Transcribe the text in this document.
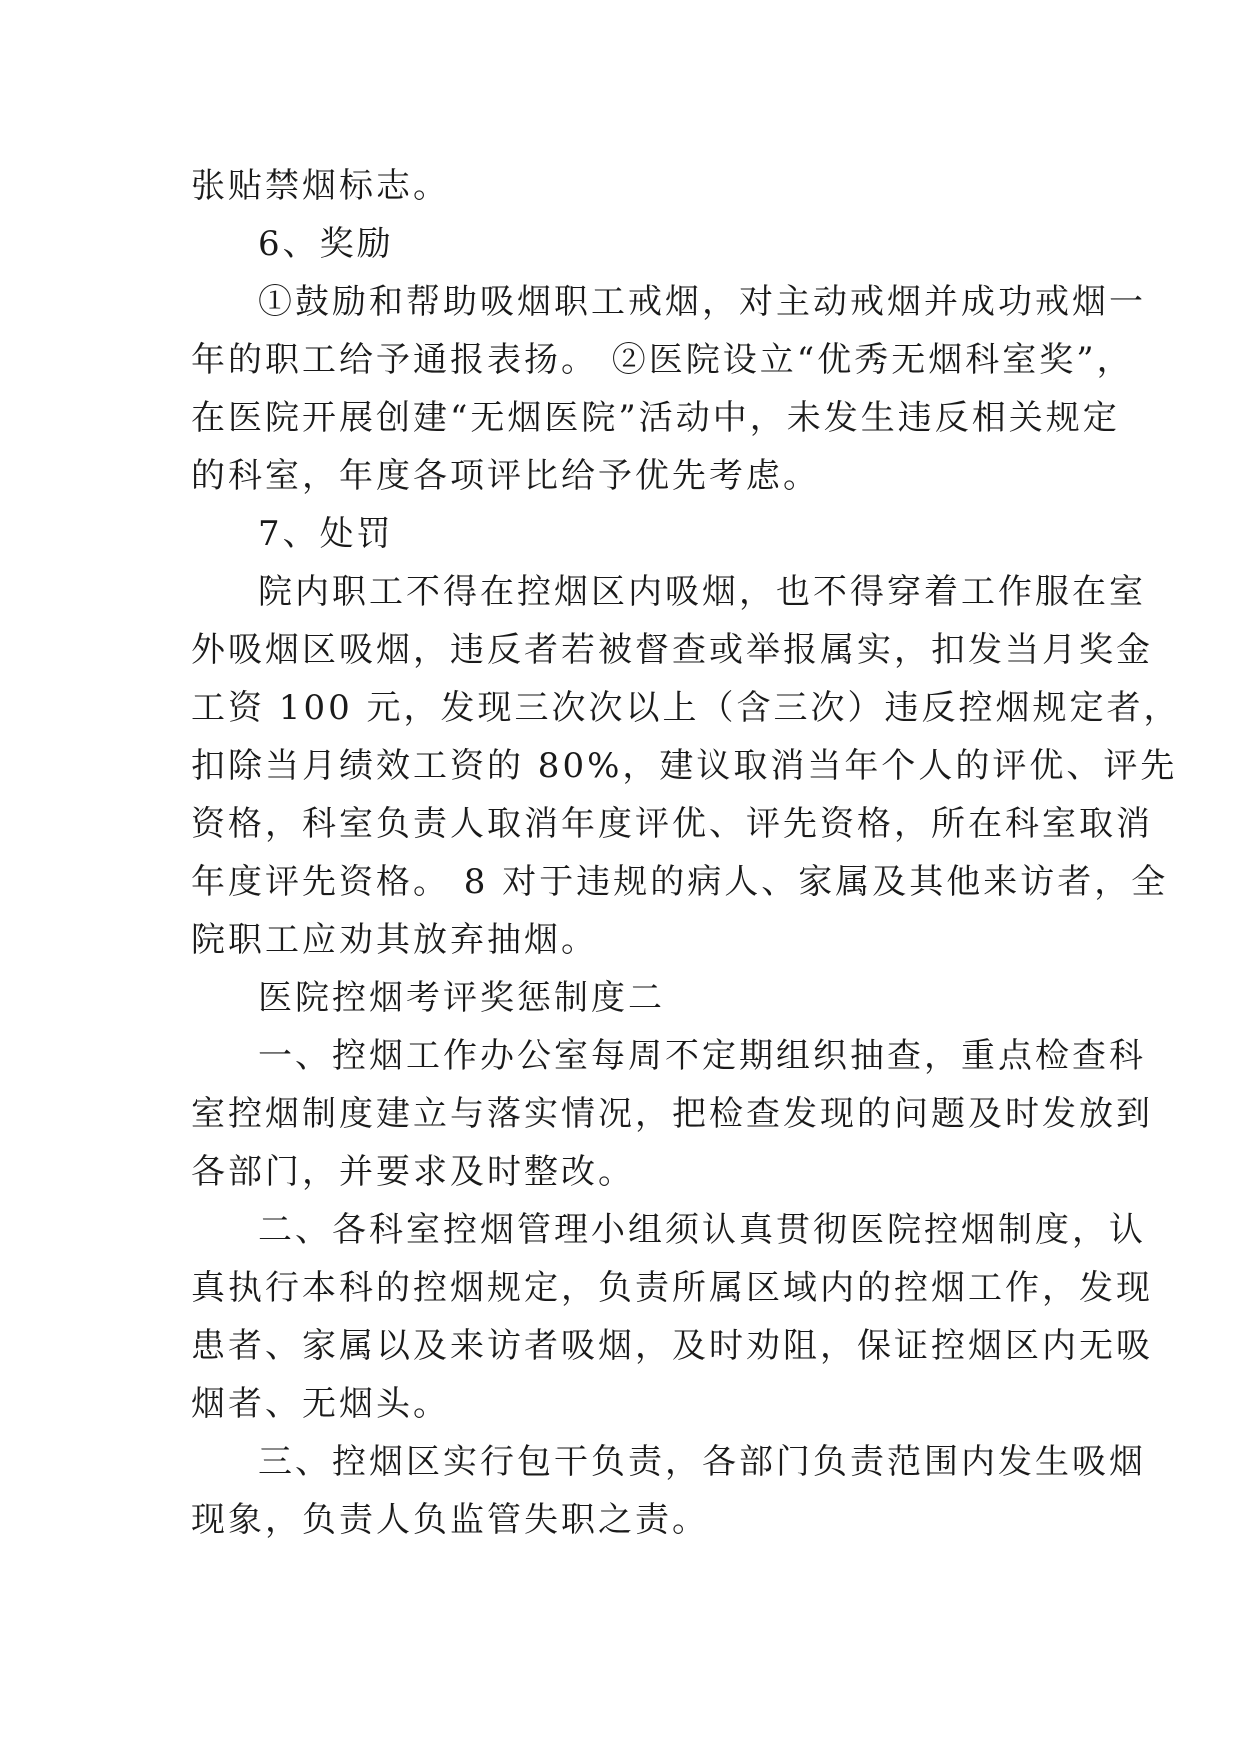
张贴禁烟标志。
6、奖励
①鼓励和帮助吸烟职工戒烟，对主动戒烟并成功戒烟一
年的职工给予通报表扬。 ②医院设立“优秀无烟科室奖”，
在医院开展创建“无烟医院”活动中，未发生违反相关规定
的科室，年度各项评比给予优先考虑。
7、处罚
院内职工不得在控烟区内吸烟，也不得穿着工作服在室
外吸烟区吸烟，违反者若被督查或举报属实，扣发当月奖金
工资 100 元，发现三次次以上（含三次）违反控烟规定者，
扣除当月绩效工资的 80%，建议取消当年个人的评优、评先
资格，科室负责人取消年度评优、评先资格，所在科室取消
年度评先资格。 8 对于违规的病人、家属及其他来访者，全
院职工应劝其放弃抽烟。
医院控烟考评奖惩制度二
一、控烟工作办公室每周不定期组织抽查，重点检查科
室控烟制度建立与落实情况，把检查发现的问题及时发放到
各部门，并要求及时整改。
二、各科室控烟管理小组须认真贯彻医院控烟制度，认
真执行本科的控烟规定，负责所属区域内的控烟工作，发现
患者、家属以及来访者吸烟，及时劝阻，保证控烟区内无吸
烟者、无烟头。
三、控烟区实行包干负责，各部门负责范围内发生吸烟
现象，负责人负监管失职之责。
